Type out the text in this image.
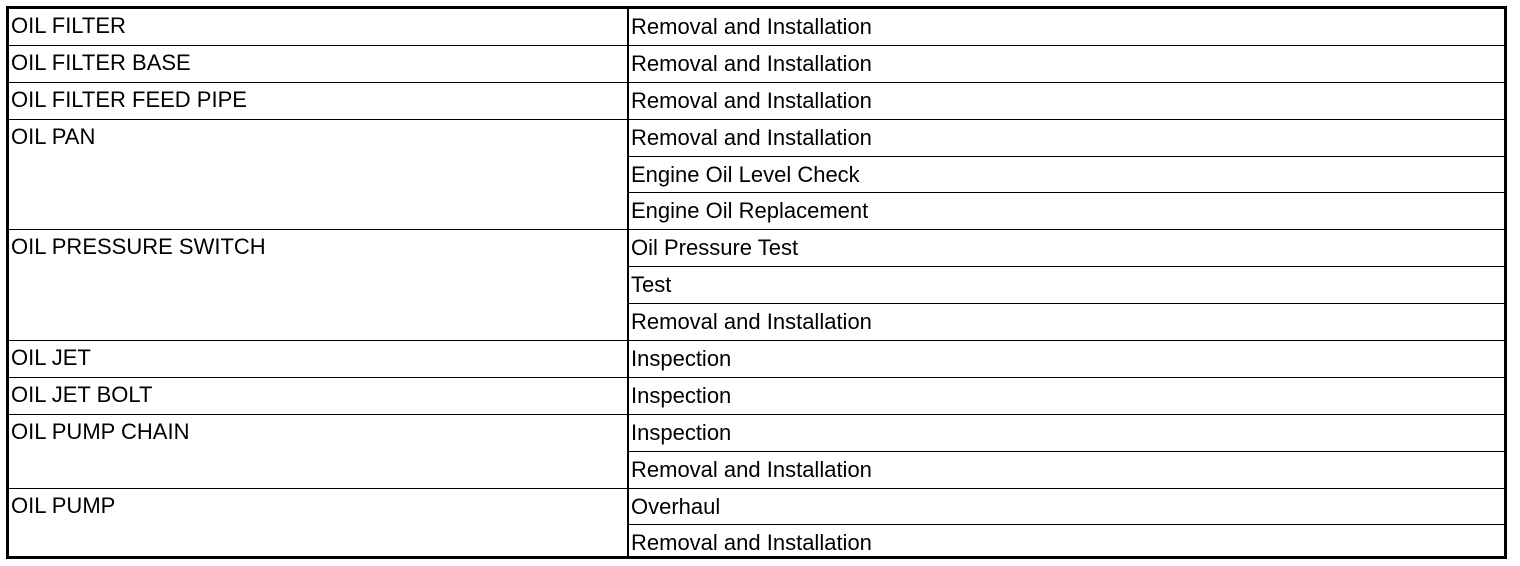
OIL FILTER	Removal and Installation
OIL FILTER BASE	Removal and Installation
OIL FILTER FEED PIPE	Removal and Installation
OIL PAN	Removal and Installation
	Engine Oil Level Check
	Engine Oil Replacement
OIL PRESSURE SWITCH	Oil Pressure Test
	Test
	Removal and Installation
OIL JET	Inspection
OIL JET BOLT	Inspection
OIL PUMP CHAIN	Inspection
	Removal and Installation
OIL PUMP	Overhaul
	Removal and Installation
